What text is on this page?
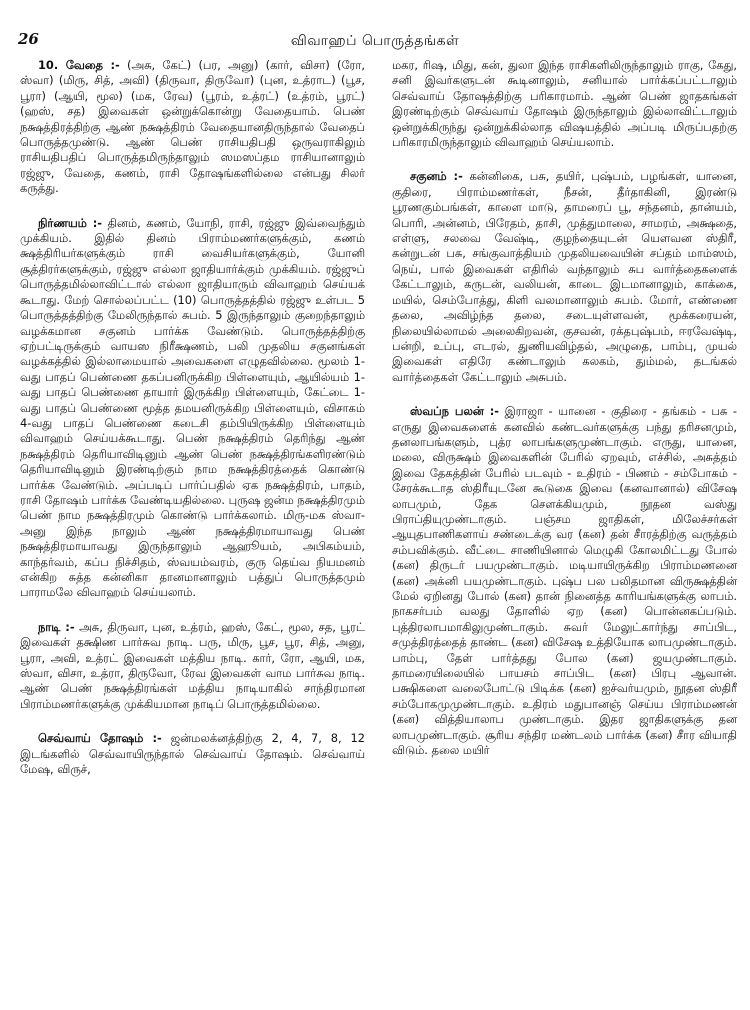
26	விவாஹப் பொருத்தங்கள்

10. வேதை :- (அசு, கேட்) (பர, அனு) (கார், விசா) (ரோ, ஸ்வா) (மிரு, சித், அவி) (திருவா, திருவோ) (புன, உத்ராட) (பூச, பூரா) (ஆயி, மூல) (மக, ரேவ) (பூரம், உத்ரட்) (உத்ரம், பூரட்) (ஹஸ், சத) இவைகள் ஒன்றுக்கொன்று வேதையாம். பெண் நக்ஷத்திரத்திற்கு ஆண் நக்ஷத்திரம் வேதையானதிருந்தால் வேதைப் பொருத்தமுண்டு. ஆண் பெண் ராசியதிபதி ஒருவராகிலும் ராசியதிபதிப் பொருத்தமிருந்தாலும் ஸமஸப்தம ராசியானாலும் ரஜ்ஜு, வேதை, கணம், ராசி தோஷங்களில்லை என்பது சிலர் கருத்து.

நிர்ணயம் :- தினம், கணம், யோநி, ராசி, ரஜ்ஜு இவ்வைந்தும் முக்கியம். இதில் தினம் பிராம்மணர்களுக்கும், கணம் க்ஷத்திரியர்களுக்கும் ராசி வைசியர்களுக்கும், யோனி சூத்திரர்களுக்கும், ரஜ்ஜு எல்லா ஜாதியார்க்கும் முக்கியம். ரஜ்ஜுப் பொருத்தமில்லாவிட்டால் எல்லா ஜாதியாரும் விவாஹம் செய்யக் கூடாது. மேற் சொல்லப்பட்ட (10) பொருத்தத்தில் ரஜ்ஜு உள்பட 5 பொருத்தத்திற்கு மேலிருந்தால் சுபம். 5 இருந்தாலும் குறைந்தாலும் வழக்கமான சகுனம் பார்க்க வேண்டும். பொருத்தத்திற்கு ஏற்பட்டிருக்கும் வாயஸ நிரீக்ஷணம், பலி முதலிய சகுனங்கள் வழக்கத்தில் இல்லாமையால் அவைகளை எழுதவில்லை. மூலம் 1-வது பாதப் பெண்ணை தகப்பனிருக்கிற பிள்ளையும், ஆயில்யம் 1-வது பாதப் பெண்ணை தாயார் இருக்கிற பிள்ளையும், கேட்டை 1-வது பாதப் பெண்ணை மூத்த தமயனிருக்கிற பிள்ளையும், விசாகம் 4-வது பாதப் பெண்ணை கடைசி தம்பியிருக்கிற பிள்ளையும் விவாஹம் செய்யக்கூடாது. பெண் நக்ஷத்திரம் தெரிந்து ஆண் நக்ஷத்திரம் தெரியாவிடினும் ஆண் பெண் நக்ஷத்திரங்களிரண்டும் தெரியாவிடினும் இரண்டிற்கும் நாம நக்ஷத்திரத்தைக் கொண்டு பார்க்க வேண்டும். அப்படிப் பார்ப்பதில் ஏக நக்ஷத்திரம், பாதம், ராசி தோஷம் பார்க்க வேண்டியதில்லை. புருஷ ஜன்ம நக்ஷத்திரமும் பெண் நாம நக்ஷத்திரமும் கொண்டு பார்க்கலாம். மிரு-மக ஸ்வா-அனு இந்த நாலும் ஆண் நக்ஷத்திரமாயாவது பெண் நக்ஷத்திரமாயாவது இருந்தாலும் ஆஹூயம், அபிகம்யம், காந்தர்வம், கப்ப நிச்சிதம், ஸ்வயம்வரம், குரு தெய்வ நியமனம் என்கிற சுத்த கன்னிகா தானமானாலும் பத்துப் பொருத்தமும் பாராமலே விவாஹம் செய்யலாம்.

நாடி :- அசு, திருவா, புன, உத்ரம், ஹஸ், கேட், மூல, சத, பூரட் இவைகள் தக்ஷிண பார்சுவ நாடி. பரு, மிரு, பூச, பூர, சித், அனு, பூரா, அவி, உத்ரட் இவைகள் மத்திய நாடி. கார், ரோ, ஆயி, மக, ஸ்வா, விசா, உத்ரா, திருவோ, ரேவ இவைகள் வாம பார்சுவ நாடி. ஆண் பெண் நக்ஷத்திரங்கள் மத்திய நாடியாகில் சாந்திரமான பிராம்மணர்களுக்கு முக்கியமான நாடிப் பொருத்தமில்லை.

செவ்வாய் தோஷம் :- ஜன்மலக்னத்திற்கு 2, 4, 7, 8, 12 இடங்களில் செவ்வாயிருந்தால் செவ்வாய் தோஷம். செவ்வாய் மேஷ, விருச்,

மகர, ரிஷ, மிது, கன், துலா இந்த ராசிகளிலிருந்தாலும் ராகு, கேது, சனி இவர்களுடன் கூடினாலும், சனியால் பார்க்கப்பட்டாலும் செவ்வாய் தோஷத்திற்கு பரிகாரமாம். ஆண் பெண் ஜாதகங்கள் இரண்டிற்கும் செவ்வாய் தோஷம் இருந்தாலும் இல்லாவிட்டாலும் ஒன்றுக்கிருந்து ஒன்றுக்கில்லாத விஷயத்தில் அப்படி மிருப்பதற்கு பரிகாரமிருந்தாலும் விவாஹம் செய்யலாம்.

சகுனம் :- கன்னிகை, பசு, தயிர், புஷ்பம், பழங்கள், யானை, குதிரை, பிராம்மணர்கள், நீசன், தீர்தாகினி, இரண்டு பூரணகும்பங்கள், காளை மாடு, தாமரைப் பூ, சந்தனம், தான்யம், பொரி, அன்னம், பிரேதம், தாசி, முத்துமாலை, சாமரம், அக்ஷதை, எள்ளு, சலவை வேஷ்டி, குழந்தையுடன் யௌவன ஸ்திரீ, கன்றுடன் பசு, சங்குவாத்தியம் முதலியவையின் சப்தம் மாம்ஸம், நெய், பால் இவைகள் எதிரில் வந்தாலும் சுப வார்த்தைகளைக் கேட்டாலும், கருடன், வலியன், காடை இடமானாலும், காக்கை, மயில், செம்போத்து, கிளி வலமானாலும் சுபம். மோர், எண்ணை தலை, அவிழ்ந்த தலை, சடையுள்ளவன், மூக்கரையன், நிலையில்லாமல் அலைகிறவன், குசவன், ரக்தபுஷ்பம், ஈரவேஷ்டி, பன்றி, உப்பு, எடரல், துணியவிழ்தல், அழுதை, பாம்பு, முயல் இவைகள் எதிரே கண்டாலும் கலகம், தும்மல், தடங்கல் வார்த்தைகள் கேட்டாலும் அசுபம்.

ஸ்வப்ந பலன் :- இராஜா - யானை - குதிரை - தங்கம் - பசு - எருது இவைகளைக் கனவில் கண்டவர்களுக்கு பந்து தரிசனமும், தனலாபங்களும், புத்ர லாபங்களுமுண்டாகும். எருது, யானை, மலை, விருக்ஷம் இவைகளின் பேரில் ஏறவும், எச்சில், அசுத்தம் இவை தேகத்தின் பேரில் படவும் - உதிரம் - பிணம் - சம்போகம் - சேரக்கூடாத ஸ்திரீயுடனே கூடுகை இவை (கனவானால்) விசேஷ லாபமும், தேக சௌக்கியமும், நூதன வஸ்து பிராப்தியுமுண்டாகும். பஞ்சம ஜாதிகள், மிலேச்சர்கள் ஆயுதபாணிகளாய் சண்டைக்கு வர (கன) தன் சாீரத்திற்கு வருத்தம் சம்பவிக்கும். வீட்டை சாணியினால் மெழுகி கோலமிட்டது போல் (கன) திருடர் பயமுண்டாகும். மடியாயிருக்கிற பிராம்மணனை (கன) அக்னி பயமுண்டாகும். புஷ்ப பல பலிதமான விருக்ஷத்தின் மேல் ஏறினது போல் (கன) தான் நினைத்த காரியங்களுக்கு லாபம். நாகசர்பம் வலது தோளில் ஏற (கன) பொன்னகப்படும். புத்திரலாபமாகிலுமுண்டாகும். சுவர் மேலுட்கார்ந்து சாப்பிட, சமுத்திரத்தைத் தாண்ட (கன) விசேஷ உத்தியோக லாபமுண்டாகும். பாம்பு, தேள் பார்த்தது போல (கன) ஜயமுண்டாகும். தாமரையிலையில் பாயசம் சாப்பிட (கன) பிரபு ஆவான். பக்ஷிகளை வலைபோட்டு பிடிக்க (கன) ஐச்வர்யமும், நூதன ஸ்திரீ சம்போகமுமுண்டாகும். உதிரம் மதுபானஞ் செய்ய பிராம்மணன் (கன) வித்தியாலாப முண்டாகும். இதர ஜாதிகளுக்கு தன லாபமுண்டாகும். சூரிய சந்திர மண்டலம் பார்க்க (கன) சாீர வியாதி விடும். தலை மயிர்
